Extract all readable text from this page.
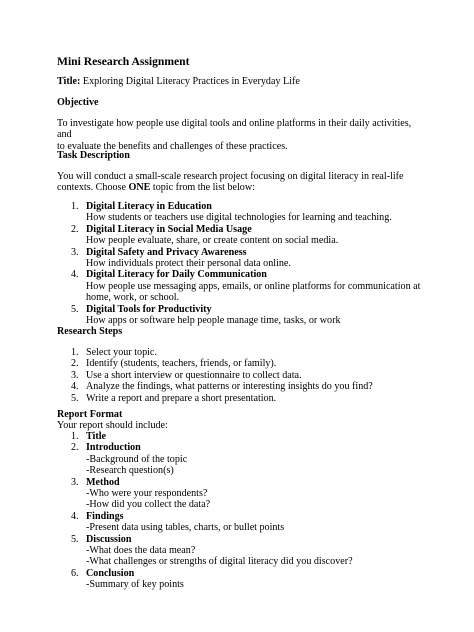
Mini Research Assignment
Title: Exploring Digital Literacy Practices in Everyday Life
Objective
To investigate how people use digital tools and online platforms in their daily activities, and
to evaluate the benefits and challenges of these practices.
Task Description
You will conduct a small-scale research project focusing on digital literacy in real-life
contexts. Choose ONE topic from the list below:
1. Digital Literacy in Education
How students or teachers use digital technologies for learning and teaching.
2. Digital Literacy in Social Media Usage
How people evaluate, share, or create content on social media.
3. Digital Safety and Privacy Awareness
How individuals protect their personal data online.
4. Digital Literacy for Daily Communication
How people use messaging apps, emails, or online platforms for communication at
home, work, or school.
5. Digital Tools for Productivity
How apps or software help people manage time, tasks, or work
Research Steps
1. Select your topic.
2. Identify (students, teachers, friends, or family).
3. Use a short interview or questionnaire to collect data.
4. Analyze the findings, what patterns or interesting insights do you find?
5. Write a report and prepare a short presentation.
Report Format
Your report should include:
1. Title
2. Introduction
-Background of the topic
-Research question(s)
3. Method
-Who were your respondents?
-How did you collect the data?
4. Findings
-Present data using tables, charts, or bullet points
5. Discussion
-What does the data mean?
-What challenges or strengths of digital literacy did you discover?
6. Conclusion
-Summary of key points
